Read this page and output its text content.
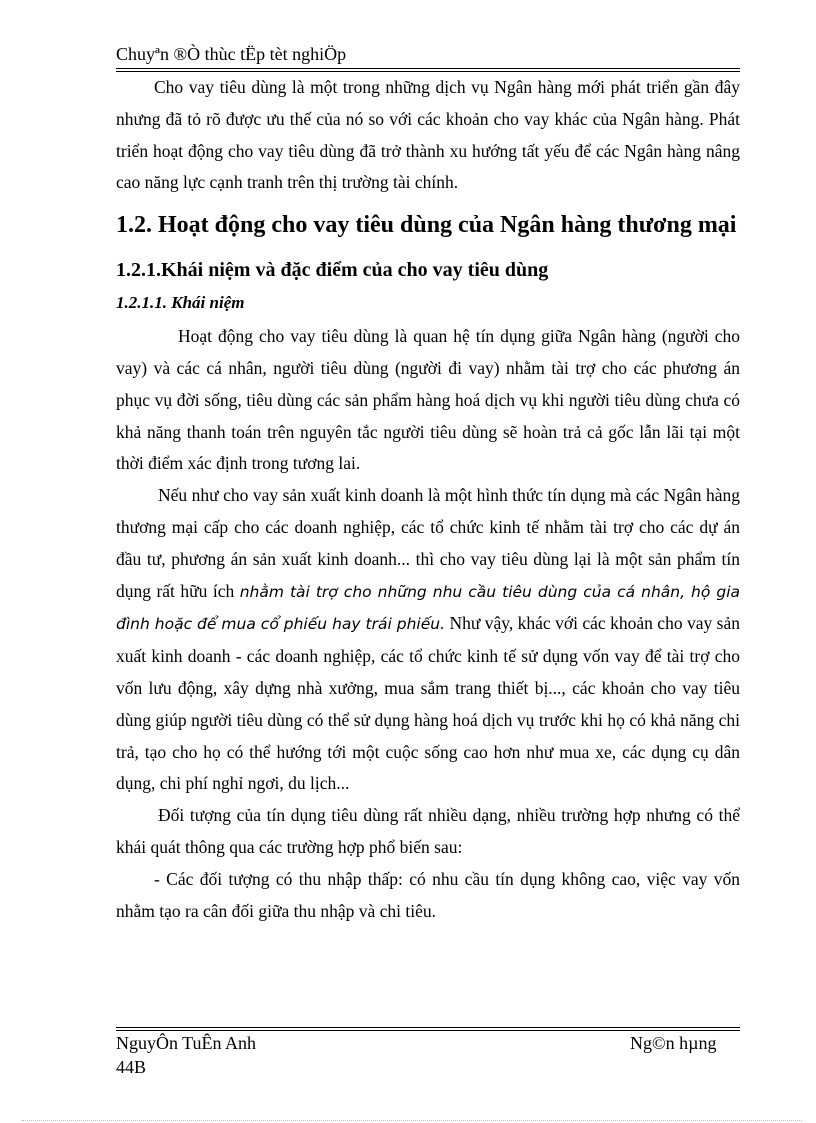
Chuyªn ®Ò thùc tËp tèt nghiÖp

Cho vay tiêu dùng là một trong những dịch vụ Ngân hàng mới phát triển gần đây nhưng đã tỏ rõ được ưu thế của nó so với các khoản cho vay khác của Ngân hàng. Phát triển hoạt động cho vay tiêu dùng đã trở thành xu hướng tất yếu để các Ngân hàng nâng cao năng lực cạnh tranh trên thị trường tài chính.

1.2. Hoạt động cho vay tiêu dùng của Ngân hàng thương mại

1.2.1.Khái niệm và đặc điểm của cho vay tiêu dùng

1.2.1.1. Khái niệm

Hoạt động cho vay tiêu dùng là quan hệ tín dụng giữa Ngân hàng (người cho vay) và các cá nhân, người tiêu dùng (người đi vay) nhằm tài trợ cho các phương án phục vụ đời sống, tiêu dùng các sản phẩm hàng hoá dịch vụ khi người tiêu dùng chưa có khả năng thanh toán trên nguyên tắc người tiêu dùng sẽ hoàn trả cả gốc lẫn lãi tại một thời điểm xác định trong tương lai.

Nếu như cho vay sản xuất kinh doanh là một hình thức tín dụng mà các Ngân hàng thương mại cấp cho các doanh nghiệp, các tổ chức kinh tế nhằm tài trợ cho các dự án đầu tư, phương án sản xuất kinh doanh... thì cho vay tiêu dùng lại là một sản phẩm tín dụng rất hữu ích nhằm tài trợ cho những nhu cầu tiêu dùng của cá nhân, hộ gia đình hoặc để mua cổ phiếu hay trái phiếu. Như vậy, khác với các khoản cho vay sản xuất kinh doanh - các doanh nghiệp, các tổ chức kinh tế sử dụng vốn vay để tài trợ cho vốn lưu động, xây dựng nhà xưởng, mua sắm trang thiết bị..., các khoản cho vay tiêu dùng giúp người tiêu dùng có thể sử dụng hàng hoá dịch vụ trước khi họ có khả năng chi trả, tạo cho họ có thể hướng tới một cuộc sống cao hơn như mua xe, các dụng cụ dân dụng, chi phí nghỉ ngơi, du lịch...

Đối tượng của tín dụng tiêu dùng rất nhiều dạng, nhiều trường hợp nhưng có thể khái quát thông qua các trường hợp phổ biến sau:

- Các đối tượng có thu nhập thấp: có nhu cầu tín dụng không cao, việc vay vốn nhằm tạo ra cân đối giữa thu nhập và chi tiêu.

NguyÔn TuÊn Anh	Ng©n hµng
44B
